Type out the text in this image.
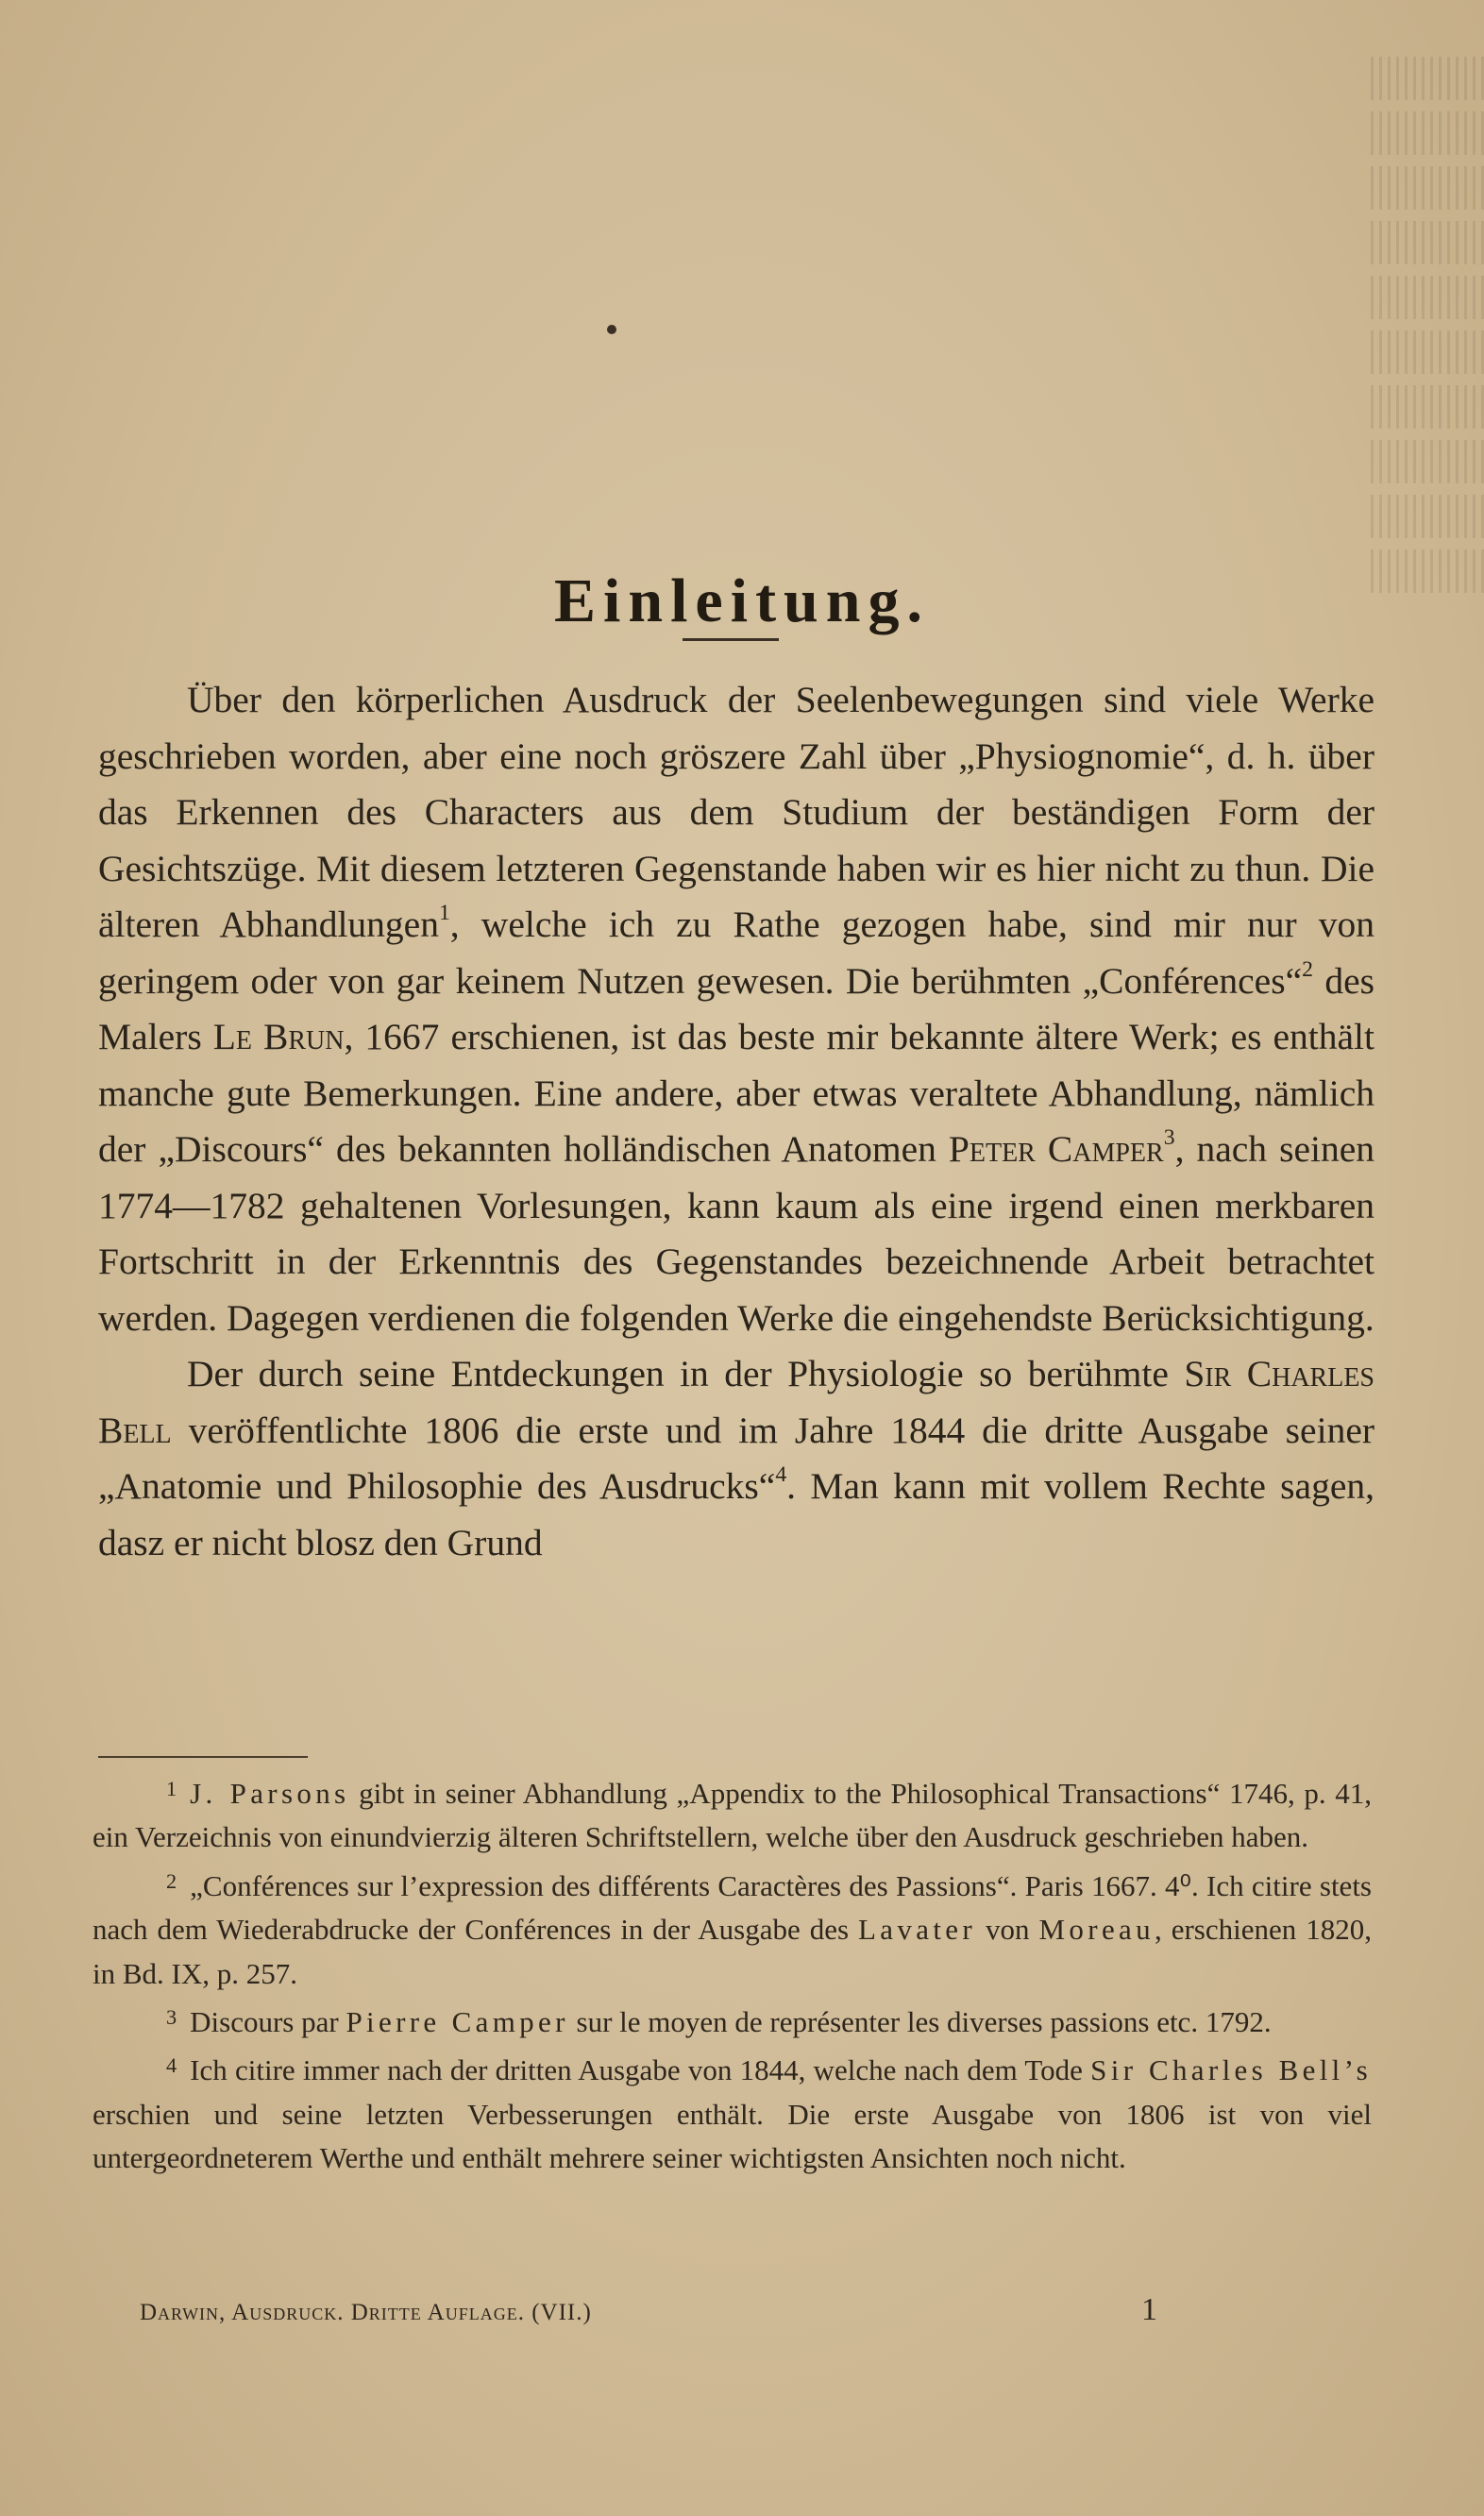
Einleitung.

Über den körperlichen Ausdruck der Seelenbewegungen sind viele Werke geschrieben worden, aber eine noch gröszere Zahl über „Physiognomie“, d. h. über das Erkennen des Characters aus dem Studium der beständigen Form der Gesichtszüge. Mit diesem letzteren Gegenstande haben wir es hier nicht zu thun. Die älteren Abhandlungen$^1$, welche ich zu Rathe gezogen habe, sind mir nur von geringem oder von gar keinem Nutzen gewesen. Die berühmten „Conférences“$^2$ des Malers Le Brun, 1667 erschienen, ist das beste mir bekannte ältere Werk; es enthält manche gute Bemerkungen. Eine andere, aber etwas veraltete Abhandlung, nämlich der „Discours“ des bekannten holländischen Anatomen Peter Camper$^3$, nach seinen 1774—1782 gehaltenen Vorlesungen, kann kaum als eine irgend einen merkbaren Fortschritt in der Erkenntnis des Gegenstandes bezeichnende Arbeit betrachtet werden. Dagegen verdienen die folgenden Werke die eingehendste Berücksichtigung.

Der durch seine Entdeckungen in der Physiologie so berühmte Sir Charles Bell veröffentlichte 1806 die erste und im Jahre 1844 die dritte Ausgabe seiner „Anatomie und Philosophie des Ausdrucks“$^4$. Man kann mit vollem Rechte sagen, dasz er nicht blosz den Grund

$^1$ J. Parsons gibt in seiner Abhandlung „Appendix to the Philosophical Transactions“ 1746, p. 41, ein Verzeichnis von einundvierzig älteren Schriftstellern, welche über den Ausdruck geschrieben haben.

$^2$ „Conférences sur l’expression des différents Caractères des Passions“. Paris 1667. 4⁰. Ich citire stets nach dem Wiederabdrucke der Conférences in der Ausgabe des Lavater von Moreau, erschienen 1820, in Bd. IX, p. 257.

$^3$ Discours par Pierre Camper sur le moyen de représenter les diverses passions etc. 1792.

$^4$ Ich citire immer nach der dritten Ausgabe von 1844, welche nach dem Tode Sir Charles Bell’s erschien und seine letzten Verbesserungen enthält. Die erste Ausgabe von 1806 ist von viel untergeordneterem Werthe und enthält mehrere seiner wichtigsten Ansichten noch nicht.

Darwin, Ausdruck. Dritte Auflage. (VII.)	1
